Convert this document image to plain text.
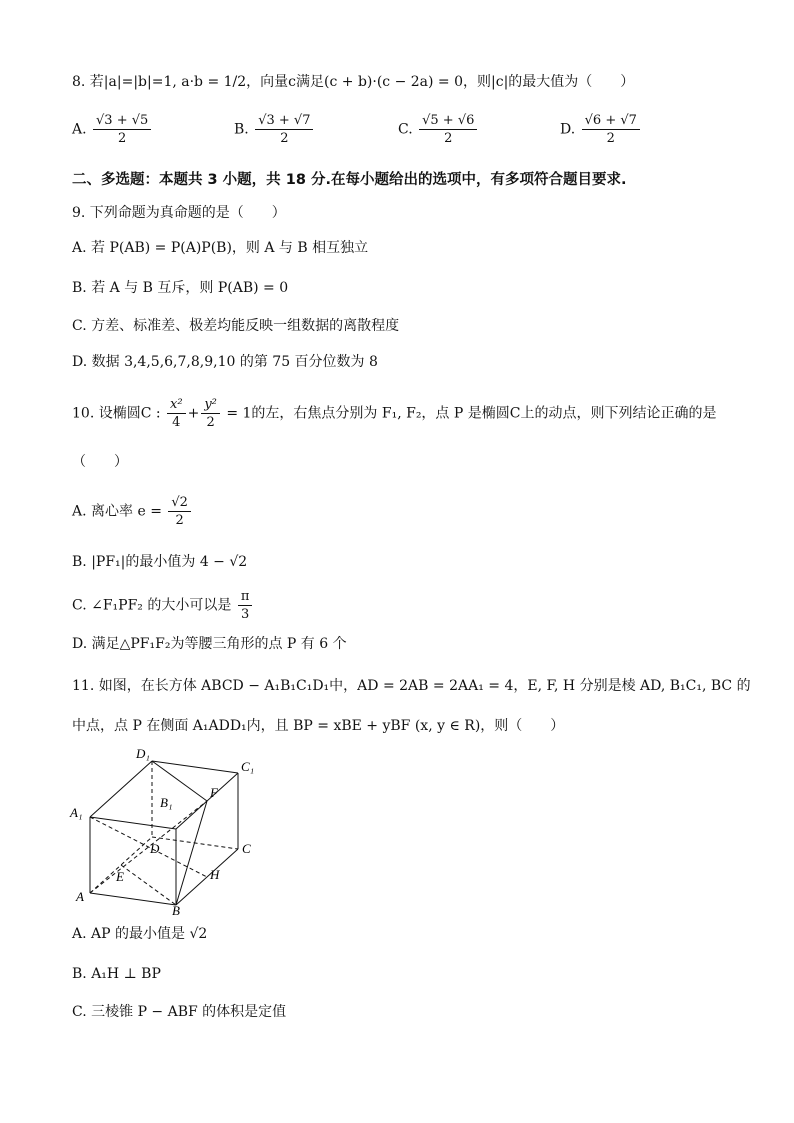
8. 若|a|=|b|=1, a·b = 1/2，向量c满足(c + b)·(c − 2a) = 0，则|c|的最大值为（　　）
A. $\frac{√3 + √5}{2}$	B. $\frac{√3 + √7}{2}$	C. $\frac{√5 + √6}{2}$	D. $\frac{√6 + √7}{2}$
二、多选题：本题共 3 小题，共 18 分.在每小题给出的选项中，有多项符合题目要求.
9. 下列命题为真命题的是（　　）
A. 若 P(AB) = P(A)P(B)，则 A 与 B 相互独立
B. 若 A 与 B 互斥，则 P(AB) = 0
C. 方差、标准差、极差均能反映一组数据的离散程度
D. 数据 3,4,5,6,7,8,9,10 的第 75 百分位数为 8
10. 设椭圆C : $\frac{\text{x²}}{4} + \frac{\text{y²}}{2} = 1$的左，右焦点分别为 F₁, F₂，点 P 是椭圆C上的动点，则下列结论正确的是
（　　）
A. 离心率 $e = \frac{√2}{2}$
B. |PF₁|的最小值为 4 − √2
C. ∠F₁PF₂ 的大小可以是 $\frac{\pi}{3}$
D. 满足△PF₁F₂为等腰三角形的点 P 有 6 个
11. 如图，在长方体 ABCD − A₁B₁C₁D₁中，AD = 2AB = 2AA₁ = 4，E, F, H 分别是棱 AD, B₁C₁, BC 的
中点，点 P 在侧面 A₁ADD₁内，且 BP = xBE + yBF (x, y ∈ R)，则（　　）
D₁
C₁
B₁
A₁
F
D	C
H
E
A
B
A. AP 的最小值是 √2
B. A₁H ⊥ BP
C. 三棱锥 P − ABF 的体积是定值
